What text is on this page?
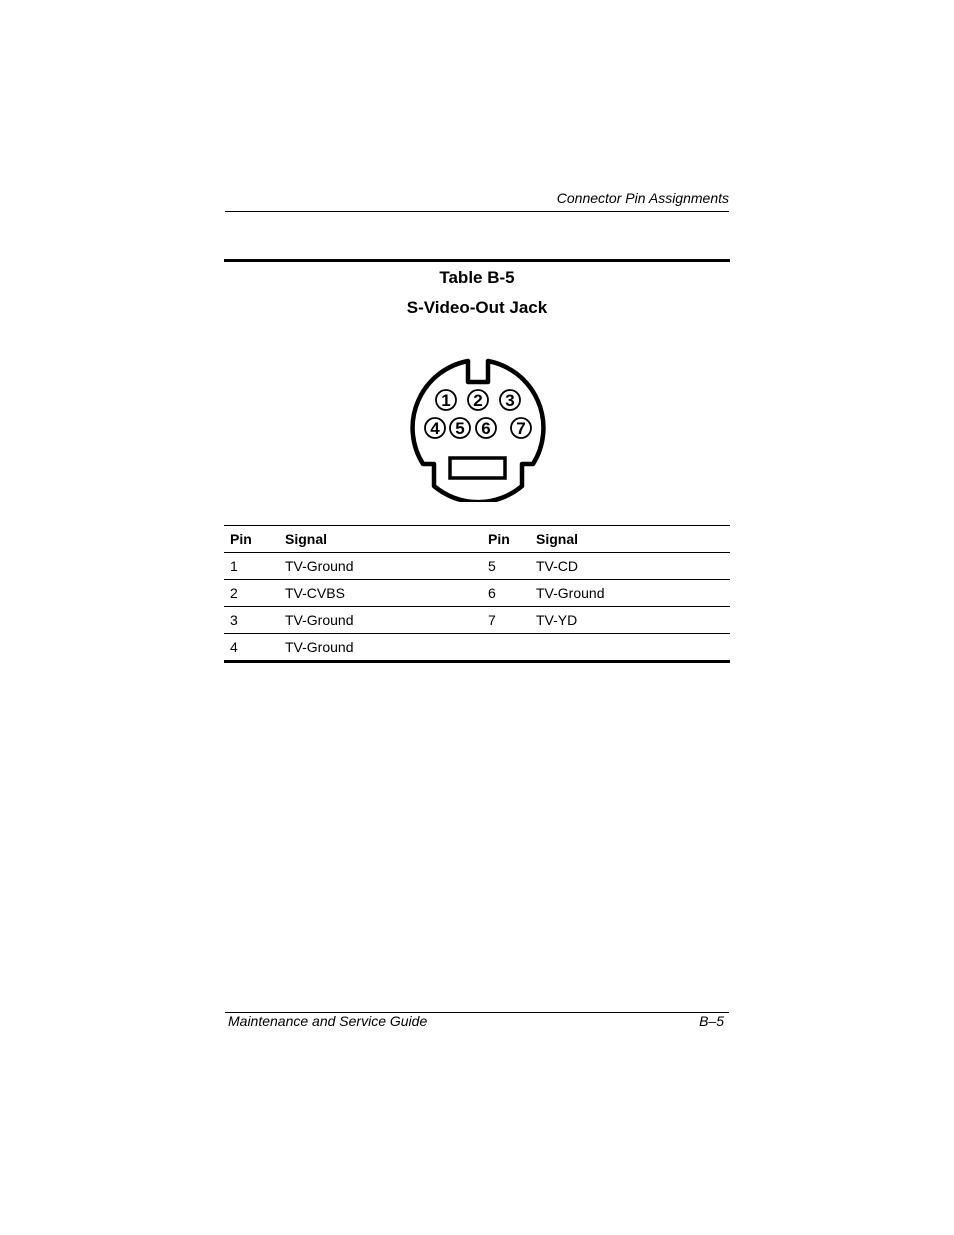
Connector Pin Assignments
Table B-5
S-Video-Out Jack
1 2 3
4 5 6 7
Pin	Signal	Pin	Signal
1	TV-Ground	5	TV-CD
2	TV-CVBS	6	TV-Ground
3	TV-Ground	7	TV-YD
4	TV-Ground		
Maintenance and Service Guide	B–5
